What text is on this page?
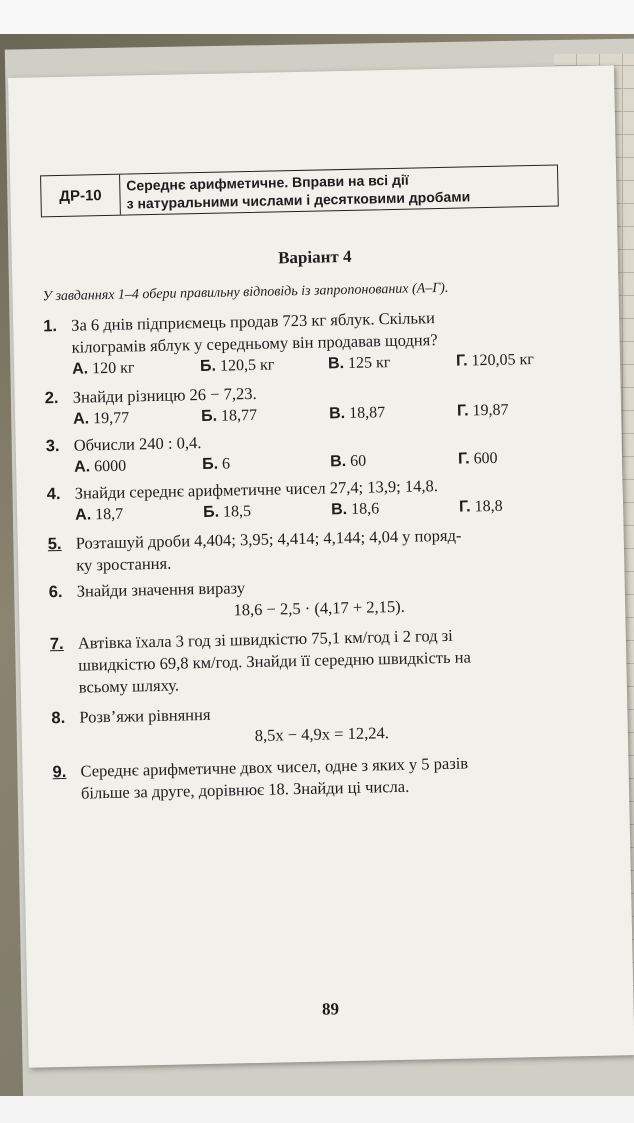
ДР-10
Середнє арифметичне. Вправи на всі дії
з натуральними числами і десятковими дробами
Варіант 4
У завданнях 1–4 обери правильну відповідь із запропонованих (А–Г).
1. За 6 днів підприємець продав 723 кг яблук. Скільки
кілограмів яблук у середньому він продавав щодня?
А. 120 кг	Б. 120,5 кг	В. 125 кг	Г. 120,05 кг
2. Знайди різницю 26 − 7,23.
А. 19,77	Б. 18,77	В. 18,87	Г. 19,87
3. Обчисли 240 : 0,4.
А. 6000	Б. 6	В. 60	Г. 600
4. Знайди середнє арифметичне чисел 27,4; 13,9; 14,8.
А. 18,7	Б. 18,5	В. 18,6	Г. 18,8
5. Розташуй дроби 4,404; 3,95; 4,414; 4,144; 4,04 у поряд-
ку зростання.
6. Знайди значення виразу
18,6 − 2,5 · (4,17 + 2,15).
7. Автівка їхала 3 год зі швидкістю 75,1 км/год і 2 год зі
швидкістю 69,8 км/год. Знайди її середню швидкість на
всьому шляху.
8. Розв’яжи рівняння
8,5x − 4,9x = 12,24.
9. Середнє арифметичне двох чисел, одне з яких у 5 разів
більше за друге, дорівнює 18. Знайди ці числа.
89
